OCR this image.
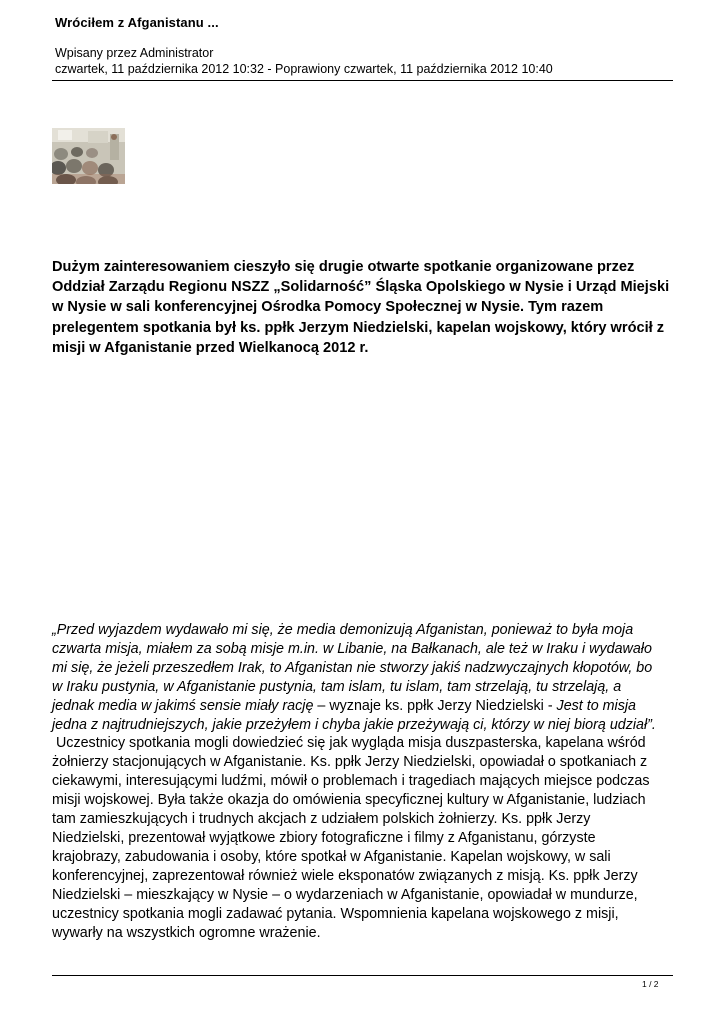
Wróciłem z Afganistanu ...
Wpisany przez Administrator
czwartek, 11 października 2012 10:32 - Poprawiony czwartek, 11 października 2012 10:40
Dużym zainteresowaniem cieszyło się drugie otwarte spotkanie organizowane przez
Oddział Zarządu Regionu NSZZ „Solidarność” Śląska Opolskiego w Nysie i Urząd Miejski
w Nysie w sali konferencyjnej Ośrodka Pomocy Społecznej w Nysie. Tym razem
prelegentem spotkania był ks. ppłk Jerzym Niedzielski, kapelan wojskowy, który wrócił z
misji w Afganistanie przed Wielkanocą 2012 r.
„Przed wyjazdem wydawało mi się, że media demonizują Afganistan, ponieważ to była moja
czwarta misja, miałem za sobą misje m.in. w Libanie, na Bałkanach, ale też w Iraku i wydawało
mi się, że jeżeli przeszedłem Irak, to Afganistan nie stworzy jakiś nadzwyczajnych kłopotów, bo
w Iraku pustynia, w Afganistanie pustynia, tam islam, tu islam, tam strzelają, tu strzelają, a
jednak media w jakimś sensie miały rację – wyznaje ks. ppłk Jerzy Niedzielski - Jest to misja
jedna z najtrudniejszych, jakie przeżyłem i chyba jakie przeżywają ci, którzy w niej biorą udział”.
Uczestnicy spotkania mogli dowiedzieć się jak wygląda misja duszpasterska, kapelana wśród
żołnierzy stacjonujących w Afganistanie. Ks. ppłk Jerzy Niedzielski, opowiadał o spotkaniach z
ciekawymi, interesującymi ludźmi, mówił o problemach i tragediach mających miejsce podczas
misji wojskowej. Była także okazja do omówienia specyficznej kultury w Afganistanie, ludziach
tam zamieszkujących i trudnych akcjach z udziałem polskich żołnierzy. Ks. ppłk Jerzy
Niedzielski, prezentował wyjątkowe zbiory fotograficzne i filmy z Afganistanu, górzyste
krajobrazy, zabudowania i osoby, które spotkał w Afganistanie. Kapelan wojskowy, w sali
konferencyjnej, zaprezentował również wiele eksponatów związanych z misją. Ks. ppłk Jerzy
Niedzielski – mieszkający w Nysie – o wydarzeniach w Afganistanie, opowiadał w mundurze,
uczestnicy spotkania mogli zadawać pytania. Wspomnienia kapelana wojskowego z misji,
wywarły na wszystkich ogromne wrażenie.
1 / 2
